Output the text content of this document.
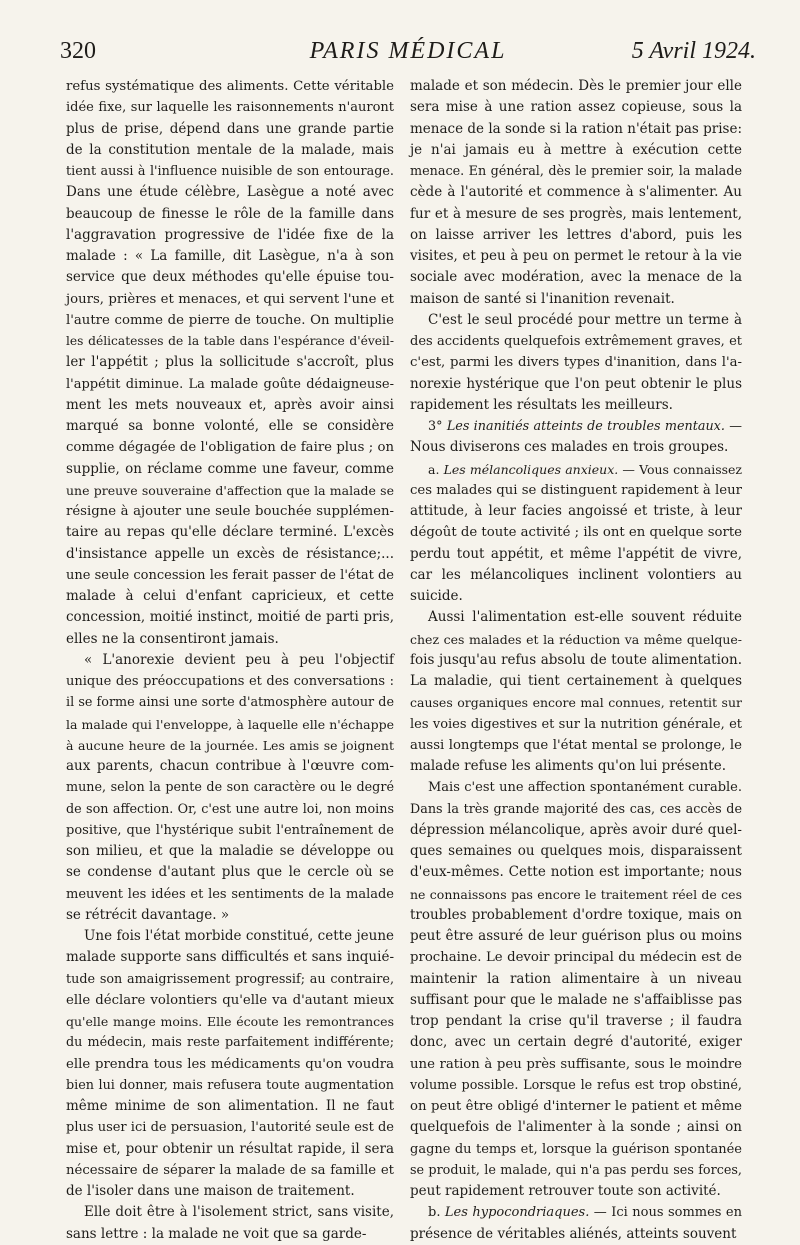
320	PARIS MÉDICAL	5 Avril 1924.
refus systématique des aliments. Cette véritable
idée fixe, sur laquelle les raisonnements n'auront
plus de prise, dépend dans une grande partie
de la constitution mentale de la malade, mais
tient aussi à l'influence nuisible de son entourage.
Dans une étude célèbre, Lasègue a noté avec
beaucoup de finesse le rôle de la famille dans
l'aggravation progressive de l'idée fixe de la
malade : « La famille, dit Lasègue, n'a à son
service que deux méthodes qu'elle épuise tou-
jours, prières et menaces, et qui servent l'une et
l'autre comme de pierre de touche. On multiplie
les délicatesses de la table dans l'espérance d'éveil-
ler l'appétit ; plus la sollicitude s'accroît, plus
l'appétit diminue. La malade goûte dédaigneuse-
ment les mets nouveaux et, après avoir ainsi
marqué sa bonne volonté, elle se considère
comme dégagée de l'obligation de faire plus ; on
supplie, on réclame comme une faveur, comme
une preuve souveraine d'affection que la malade se
résigne à ajouter une seule bouchée supplémen-
taire au repas qu'elle déclare terminé. L'excès
d'insistance appelle un excès de résistance;...
une seule concession les ferait passer de l'état de
malade à celui d'enfant capricieux, et cette
concession, moitié instinct, moitié de parti pris,
elles ne la consentiront jamais.
« L'anorexie devient peu à peu l'objectif
unique des préoccupations et des conversations :
il se forme ainsi une sorte d'atmosphère autour de
la malade qui l'enveloppe, à laquelle elle n'échappe
à aucune heure de la journée. Les amis se joignent
aux parents, chacun contribue à l'œuvre com-
mune, selon la pente de son caractère ou le degré
de son affection. Or, c'est une autre loi, non moins
positive, que l'hystérique subit l'entraînement de
son milieu, et que la maladie se développe ou
se condense d'autant plus que le cercle où se
meuvent les idées et les sentiments de la malade
se rétrécit davantage. »
Une fois l'état morbide constitué, cette jeune
malade supporte sans difficultés et sans inquié-
tude son amaigrissement progressif; au contraire,
elle déclare volontiers qu'elle va d'autant mieux
qu'elle mange moins. Elle écoute les remontrances
du médecin, mais reste parfaitement indifférente;
elle prendra tous les médicaments qu'on voudra
bien lui donner, mais refusera toute augmentation
même minime de son alimentation. Il ne faut
plus user ici de persuasion, l'autorité seule est de
mise et, pour obtenir un résultat rapide, il sera
nécessaire de séparer la malade de sa famille et
de l'isoler dans une maison de traitement.
Elle doit être à l'isolement strict, sans visite,
sans lettre : la malade ne voit que sa garde-
malade et son médecin. Dès le premier jour elle
sera mise à une ration assez copieuse, sous la
menace de la sonde si la ration n'était pas prise:
je n'ai jamais eu à mettre à exécution cette
menace. En général, dès le premier soir, la malade
cède à l'autorité et commence à s'alimenter. Au
fur et à mesure de ses progrès, mais lentement,
on laisse arriver les lettres d'abord, puis les
visites, et peu à peu on permet le retour à la vie
sociale avec modération, avec la menace de la
maison de santé si l'inanition revenait.
C'est le seul procédé pour mettre un terme à
des accidents quelquefois extrêmement graves, et
c'est, parmi les divers types d'inanition, dans l'a-
norexie hystérique que l'on peut obtenir le plus
rapidement les résultats les meilleurs.
3° Les inanitiés atteints de troubles mentaux. —
Nous diviserons ces malades en trois groupes.
a. Les mélancoliques anxieux. — Vous connaissez
ces malades qui se distinguent rapidement à leur
attitude, à leur facies angoissé et triste, à leur
dégoût de toute activité ; ils ont en quelque sorte
perdu tout appétit, et même l'appétit de vivre,
car les mélancoliques inclinent volontiers au
suicide.
Aussi l'alimentation est-elle souvent réduite
chez ces malades et la réduction va même quelque-
fois jusqu'au refus absolu de toute alimentation.
La maladie, qui tient certainement à quelques
causes organiques encore mal connues, retentit sur
les voies digestives et sur la nutrition générale, et
aussi longtemps que l'état mental se prolonge, le
malade refuse les aliments qu'on lui présente.
Mais c'est une affection spontanément curable.
Dans la très grande majorité des cas, ces accès de
dépression mélancolique, après avoir duré quel-
ques semaines ou quelques mois, disparaissent
d'eux-mêmes. Cette notion est importante; nous
ne connaissons pas encore le traitement réel de ces
troubles probablement d'ordre toxique, mais on
peut être assuré de leur guérison plus ou moins
prochaine. Le devoir principal du médecin est de
maintenir la ration alimentaire à un niveau
suffisant pour que le malade ne s'affaiblisse pas
trop pendant la crise qu'il traverse ; il faudra
donc, avec un certain degré d'autorité, exiger
une ration à peu près suffisante, sous le moindre
volume possible. Lorsque le refus est trop obstiné,
on peut être obligé d'interner le patient et même
quelquefois de l'alimenter à la sonde ; ainsi on
gagne du temps et, lorsque la guérison spontanée
se produit, le malade, qui n'a pas perdu ses forces,
peut rapidement retrouver toute son activité.
b. Les hypocondriaques. — Ici nous sommes en
présence de véritables aliénés, atteints souvent
